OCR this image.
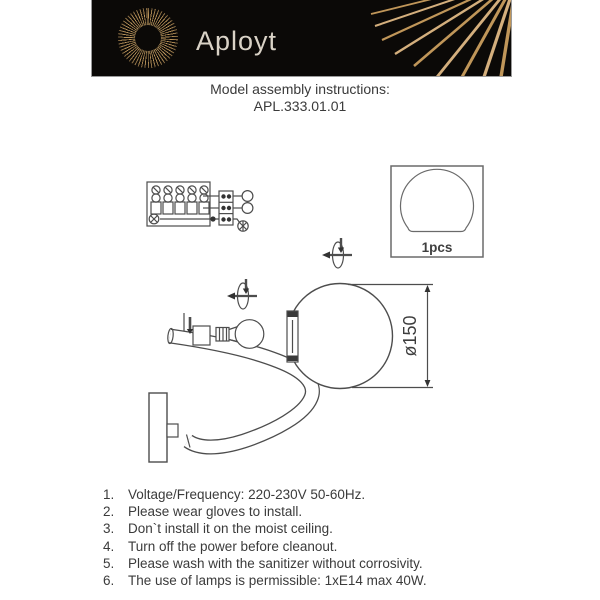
Aployt
Model assembly instructions:
APL.333.01.01
1pcs
ø150
1.	Voltage/Frequency: 220-230V 50-60Hz.
2.	Please wear gloves to install.
3.	Don`t install it on the moist ceiling.
4.	Turn off the power before cleanout.
5.	Please wash with the sanitizer without corrosivity.
6.	The use of lamps is permissible: 1xE14 max 40W.
